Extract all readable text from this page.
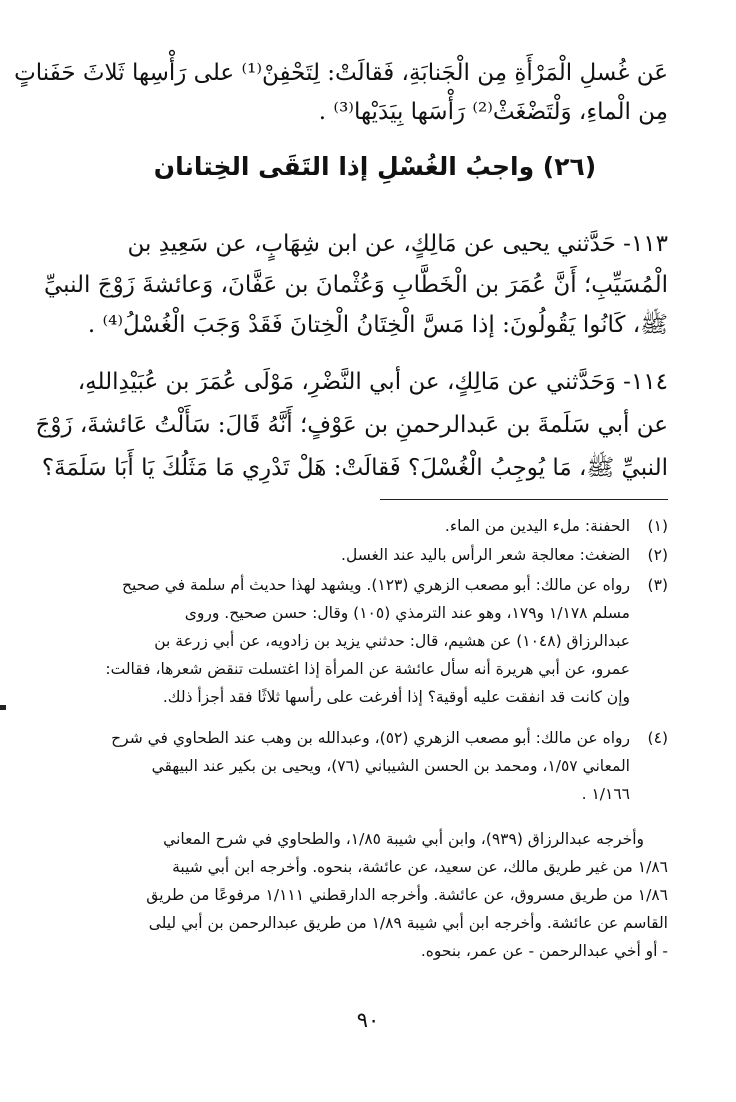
عَن غُسلِ الْمَرْأَةِ مِن الْجَنابَةِ، فَقالَتْ: لِتَحْفِنْ⁽¹⁾ على رَأْسِها ثَلاثَ حَفَناتٍ
مِن الْماءِ، وَلْتَضْغَثْ⁽²⁾ رَأْسَها بِيَدَيْها⁽³⁾ .
(٢٦) واجبُ الغُسْلِ إذا التَقَى الخِتانان
١١٣- حَدَّثني يحيى عن مَالِكٍ، عن ابن شِهَابٍ، عن سَعِيدِ بن
الْمُسَيِّبِ؛ أَنَّ عُمَرَ بن الْخَطَّابِ وَعُثْمانَ بن عَفَّانَ، وَعائشةَ زَوْجَ النبيِّ
ﷺ، كَانُوا يَقُولُونَ: إذا مَسَّ الْخِتَانُ الْخِتانَ فَقَدْ وَجَبَ الْغُسْلُ⁽⁴⁾ .
١١٤- وَحَدَّثني عن مَالِكٍ، عن أبي النَّضْرِ، مَوْلَى عُمَرَ بن عُبَيْدِاللهِ،
عن أبي سَلَمةَ بن عَبدالرحمنِ بن عَوْفٍ؛ أَنَّهُ قَالَ: سَأَلْتُ عَائشةَ، زَوْجَ
النبيِّ ﷺ، مَا يُوجِبُ الْغُسْلَ؟ فَقالَتْ: هَلْ تَدْرِي مَا مَثَلُكَ يَا أَبَا سَلَمَةَ؟
(١)الحفنة: ملء اليدين من الماء.
(٢)الضغث: معالجة شعر الرأس باليد عند الغسل.
(٣)رواه عن مالك: أبو مصعب الزهري (١٢٣). ويشهد لهذا حديث أم سلمة في صحيح
مسلم ١/١٧٨ و١٧٩، وهو عند الترمذي (١٠٥) وقال: حسن صحيح. وروى
عبدالرزاق (١٠٤٨) عن هشيم، قال: حدثني يزيد بن زادويه، عن أبي زرعة بن
عمرو، عن أبي هريرة أنه سأل عائشة عن المرأة إذا اغتسلت تنقض شعرها، فقالت:
وإن كانت قد انفقت عليه أوقية؟ إذا أفرغت على رأسها ثلاثًا فقد أجزأ ذلك.
(٤)رواه عن مالك: أبو مصعب الزهري (٥٢)، وعبدالله بن وهب عند الطحاوي في شرح
المعاني ١/٥٧، ومحمد بن الحسن الشيباني (٧٦)، ويحيى بن بكير عند البيهقي
١/١٦٦ .
وأخرجه عبدالرزاق (٩٣٩)، وابن أبي شيبة ١/٨٥، والطحاوي في شرح المعاني
١/٨٦ من غير طريق مالك، عن سعيد، عن عائشة، بنحوه. وأخرجه ابن أبي شيبة
١/٨٦ من طريق مسروق، عن عائشة. وأخرجه الدارقطني ١/١١١ مرفوعًا من طريق
القاسم عن عائشة. وأخرجه ابن أبي شيبة ١/٨٩ من طريق عبدالرحمن بن أبي ليلى
- أو أخي عبدالرحمن - عن عمر، بنحوه.
٩٠
